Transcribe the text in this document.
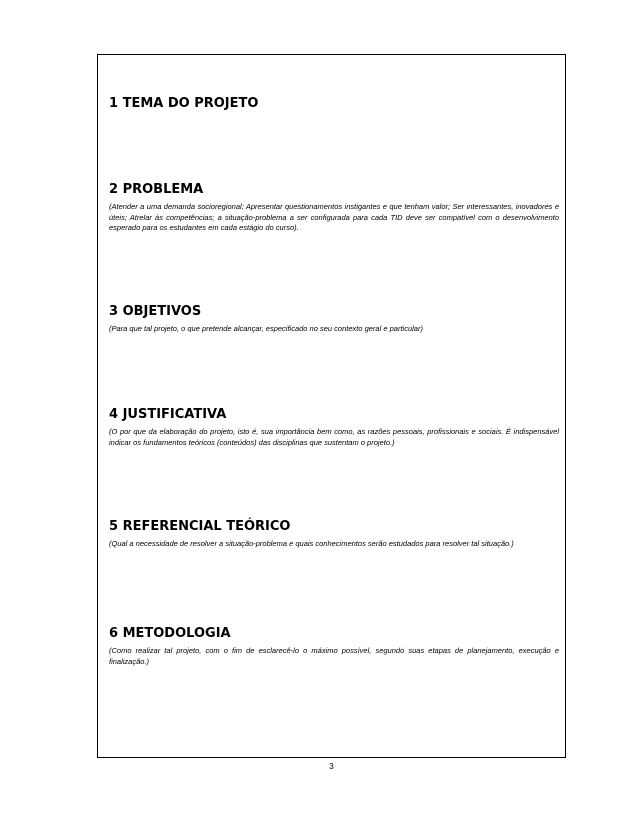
1 TEMA DO PROJETO
2 PROBLEMA

(Atender a uma demanda socioregional; Apresentar questionamentos instigantes e que tenham valor; Ser interessantes, inovadores e úteis; Atrelar às competências; a situação-problema a ser configurada para cada TID deve ser compatível com o desenvolvimento esperado para os estudantes em cada estágio do curso).

3 OBJETIVOS

(Para que tal projeto, o que pretende alcançar, especificado no seu contexto geral e particular)

4 JUSTIFICATIVA

(O por que da elaboração do projeto, isto é, sua importância bem como, as razões pessoais, profissionais e sociais. É indispensável indicar os fundamentos teóricos (conteúdos) das disciplinas que sustentam o projeto.)

5 REFERENCIAL TEÓRICO

(Qual a necessidade de resolver a situação-problema e quais conhecimentos serão estudados para resolver tal situação.)

6 METODOLOGIA

(Como realizar tal projeto, com o fim de esclarecê-lo o máximo possível, segundo suas etapas de planejamento, execução e finalização.)

3
